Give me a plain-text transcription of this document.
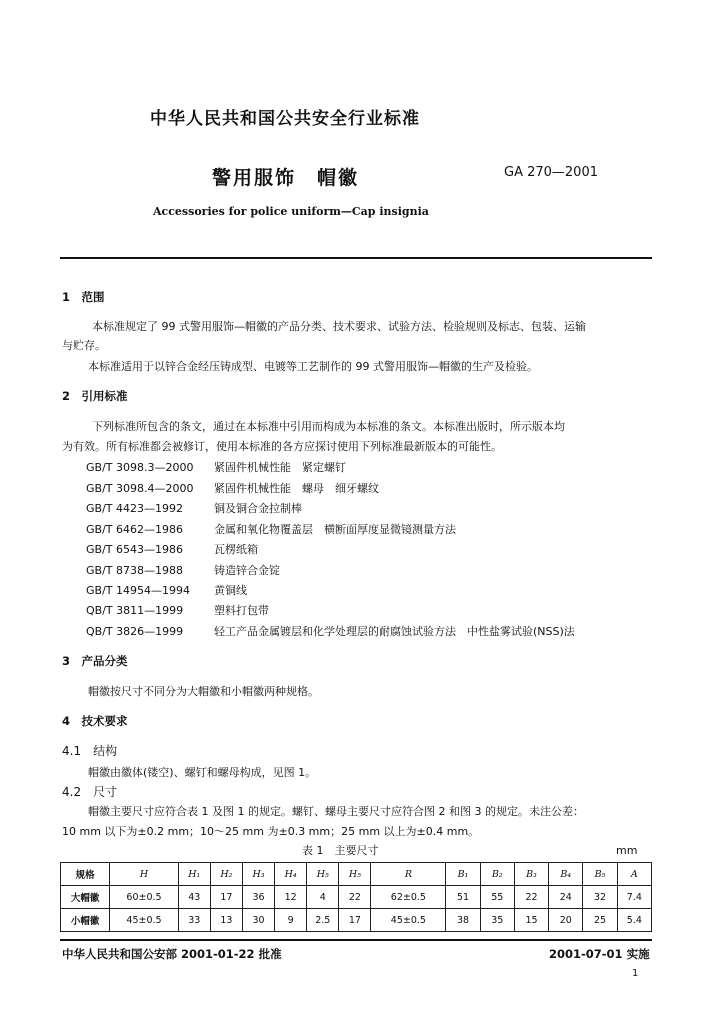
中华人民共和国公共安全行业标准
警用服饰　帽徽	GA 270—2001
Accessories for police uniform—Cap insignia
1　范围
本标准规定了 99 式警用服饰—帽徽的产品分类、技术要求、试验方法、检验规则及标志、包装、运输
与贮存。
本标准适用于以锌合金经压铸成型、电镀等工艺制作的 99 式警用服饰—帽徽的生产及检验。
2　引用标准
下列标准所包含的条文，通过在本标准中引用而构成为本标准的条文。本标准出版时，所示版本均
为有效。所有标准都会被修订，使用本标准的各方应探讨使用下列标准最新版本的可能性。
GB/T 3098.3—2000 紧固件机械性能　紧定螺钉
GB/T 3098.4—2000 紧固件机械性能　螺母　细牙螺纹
GB/T 4423—1992	铜及铜合金拉制棒
GB/T 6462—1986	金属和氧化物覆盖层　横断面厚度显微镜测量方法
GB/T 6543—1986	瓦楞纸箱
GB/T 8738—1988	铸造锌合金锭
GB/T 14954—1994 黄铜线
QB/T 3811—1999	塑料打包带
QB/T 3826—1999	轻工产品金属镀层和化学处理层的耐腐蚀试验方法　中性盐雾试验(NSS)法
3　产品分类
帽徽按尺寸不同分为大帽徽和小帽徽两种规格。
4　技术要求
4.1　结构
帽徽由徽体(镂空)、螺钉和螺母构成，见图 1。
4.2　尺寸
帽徽主要尺寸应符合表 1 及图 1 的规定。螺钉、螺母主要尺寸应符合图 2 和图 3 的规定。未注公差：
10 mm 以下为±0.2 mm；10～25 mm 为±0.3 mm；25 mm 以上为±0.4 mm。
表 1　主要尺寸	mm
规格	H	H₁	H₂	H₃	H₄	H₅	H₅	R	B₁	B₂	B₃	B₄	B₅	A
大帽徽	60±0.5	43	17	36	12	4	22	62±0.5	51	55	22	24	32	7.4
小帽徽	45±0.5	33	13	30	9	2.5	17	45±0.5	38	35	15	20	25	5.4
中华人民共和国公安部 2001-01-22 批准	2001-07-01 实施
1
